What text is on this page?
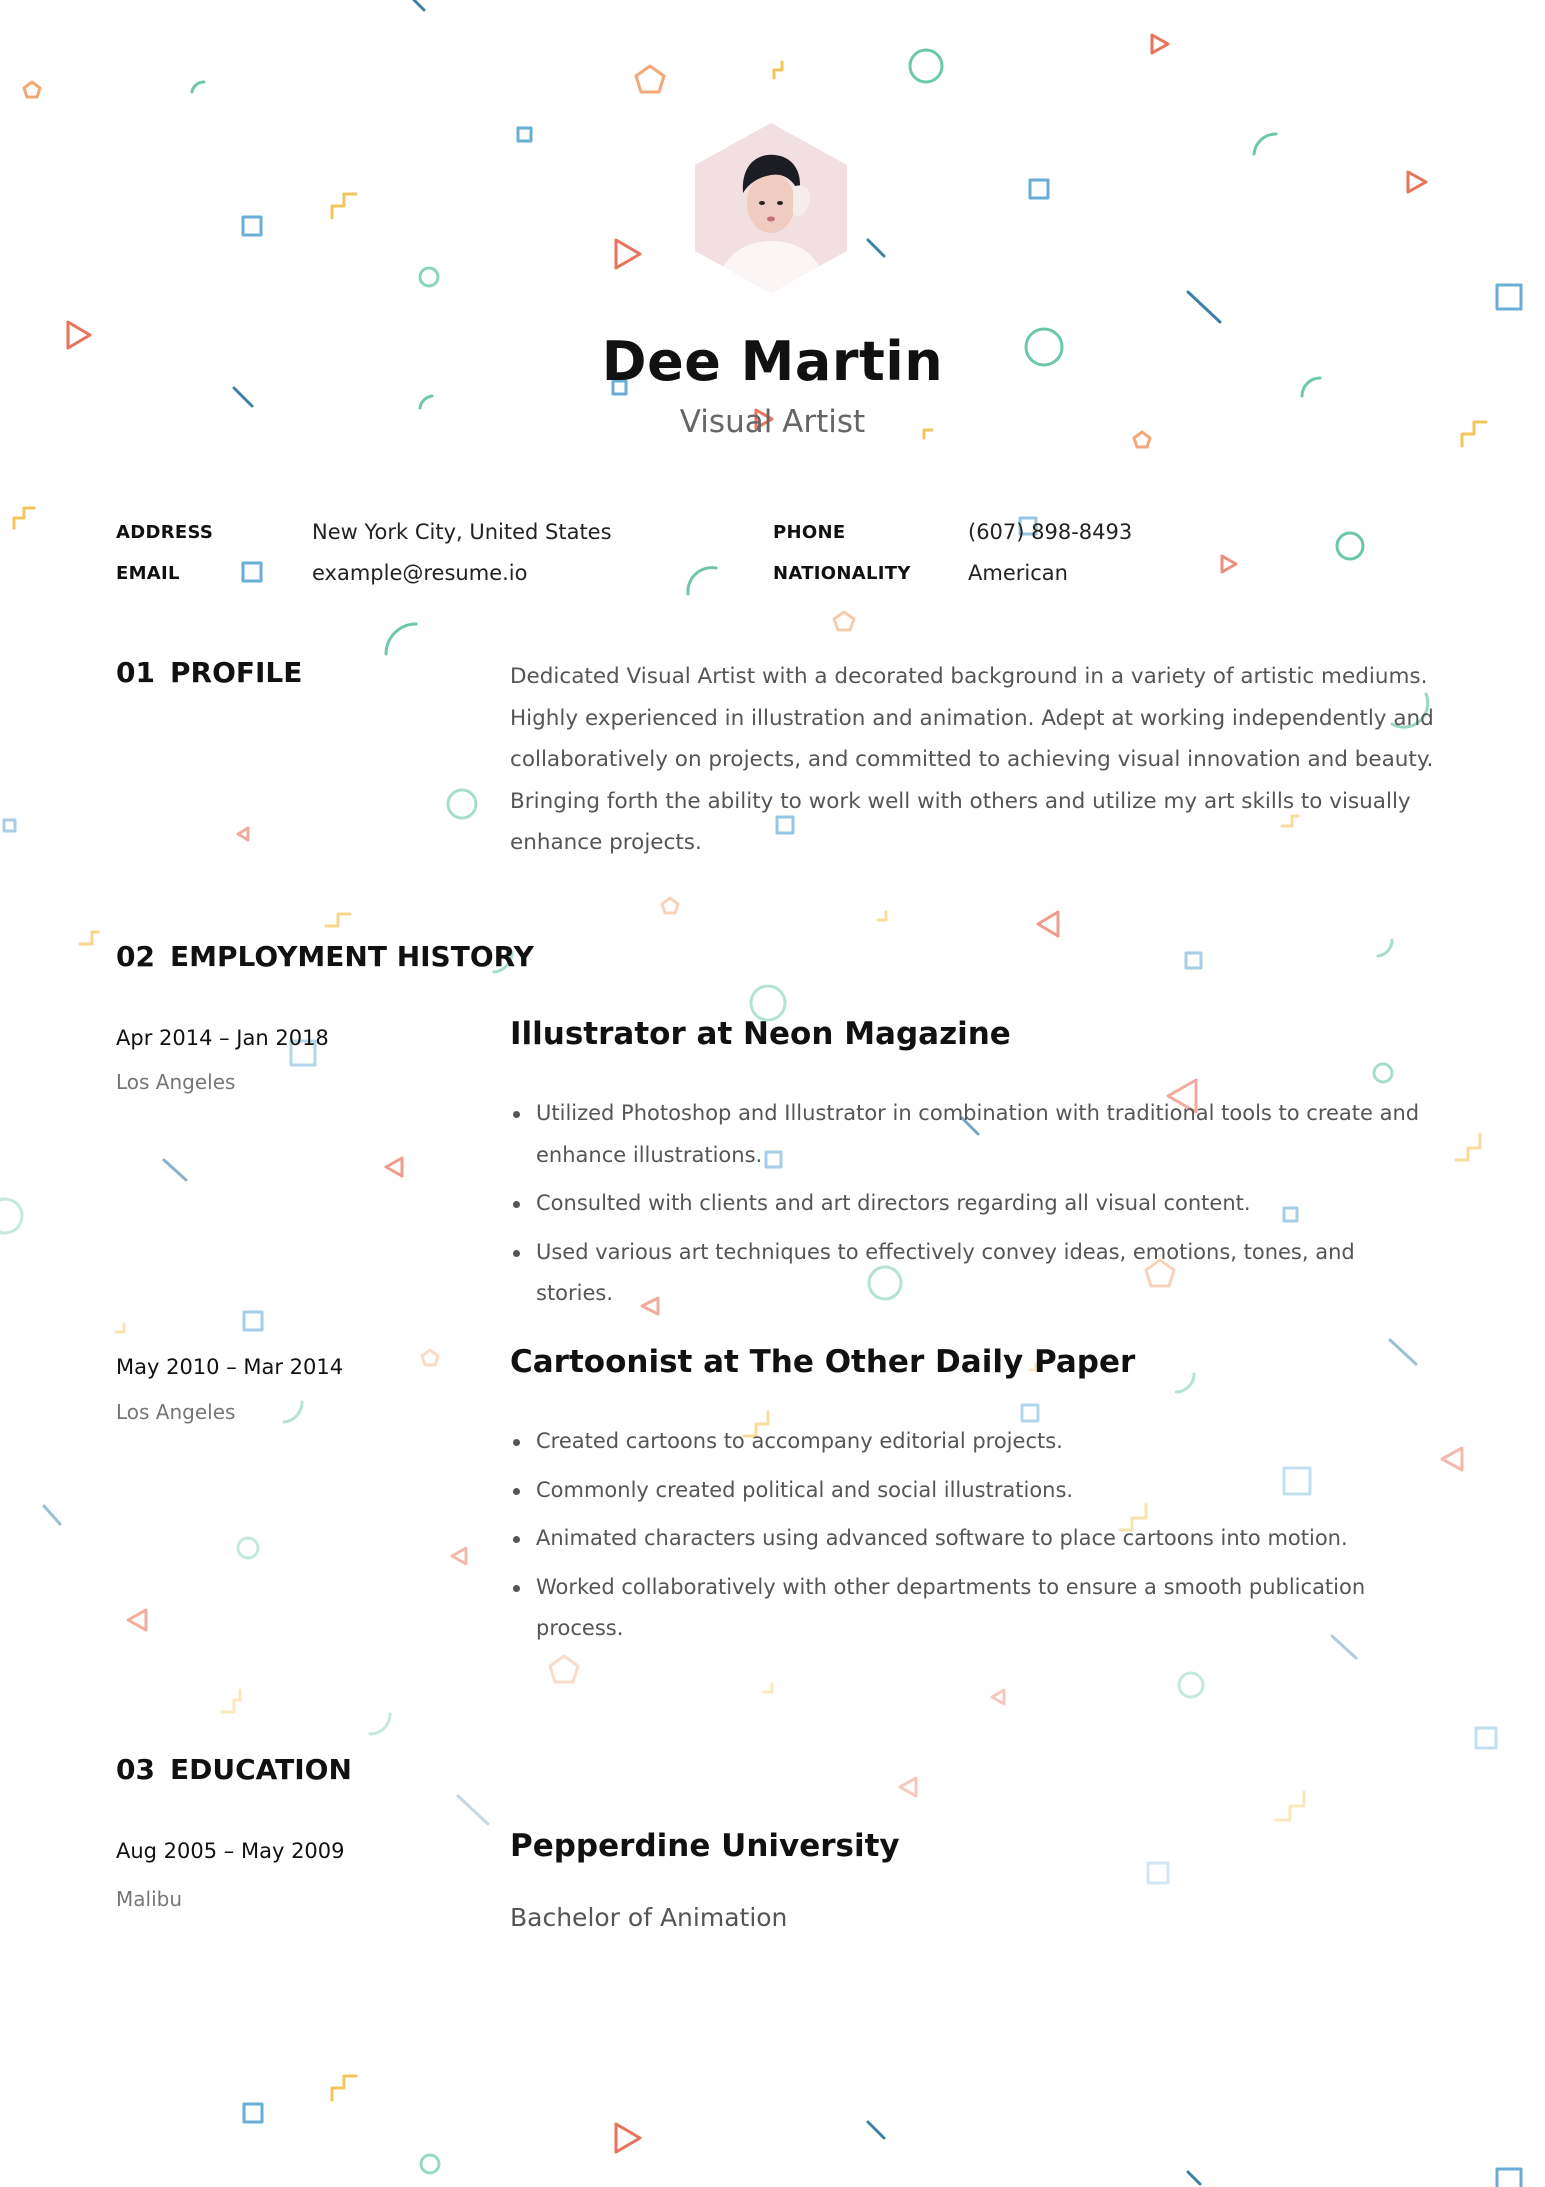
Dee Martin
Visual Artist
ADDRESS	New York City, United States
EMAIL	example@resume.io
PHONE	(607) 898-8493
NATIONALITY	American
01 PROFILE	Dedicated Visual Artist with a decorated background in a variety of artistic mediums. Highly experienced in illustration and animation. Adept at working independently and collaboratively on projects, and committed to achieving visual innovation and beauty. Bringing forth the ability to work well with others and utilize my art skills to visually enhance projects.
02 EMPLOYMENT HISTORY
Apr 2014 – Jan 2018
Los Angeles
Illustrator at Neon Magazine
Utilized Photoshop and Illustrator in combination with traditional tools to create and enhance illustrations.
Consulted with clients and art directors regarding all visual content.
Used various art techniques to effectively convey ideas, emotions, tones, and stories.
May 2010 – Mar 2014
Los Angeles
Cartoonist at The Other Daily Paper
Created cartoons to accompany editorial projects.
Commonly created political and social illustrations.
Animated characters using advanced software to place cartoons into motion.
Worked collaboratively with other departments to ensure a smooth publication process.
03 EDUCATION
Aug 2005 – May 2009
Malibu
Pepperdine University
Bachelor of Animation
